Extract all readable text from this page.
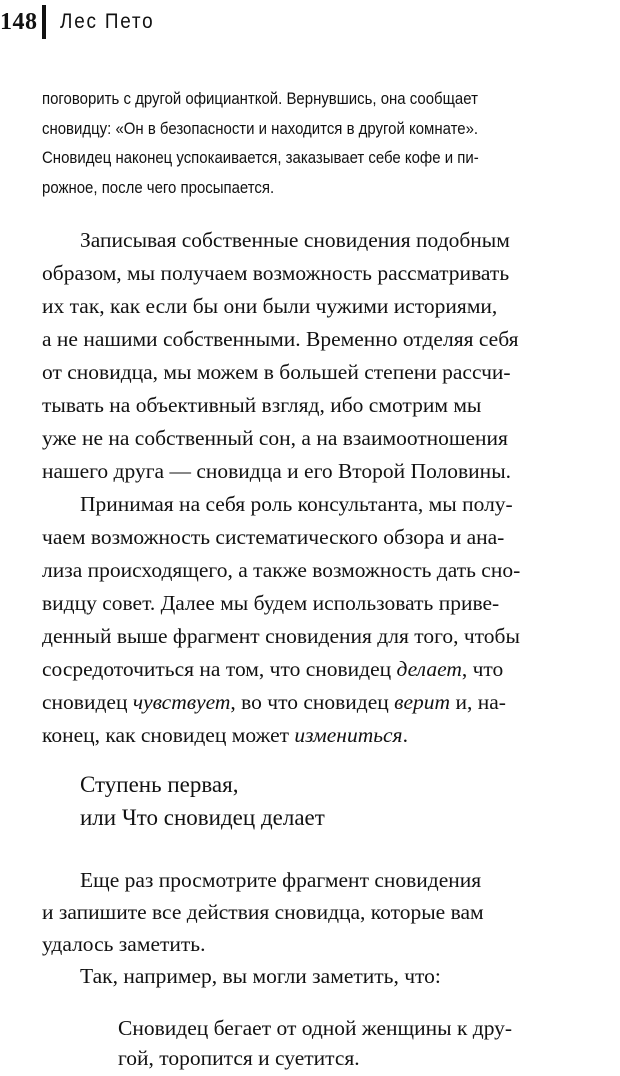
148 Лес Пето
поговорить с другой официанткой. Вернувшись, она сообщает
сновидцу: «Он в безопасности и находится в другой комнате».
Сновидец наконец успокаивается, заказывает себе кофе и пи-
рожное, после чего просыпается.
Записывая собственные сновидения подобным
образом, мы получаем возможность рассматривать
их так, как если бы они были чужими историями,
а не нашими собственными. Временно отделяя себя
от сновидца, мы можем в большей степени рассчи-
тывать на объективный взгляд, ибо смотрим мы
уже не на собственный сон, а на взаимоотношения
нашего друга — сновидца и его Второй Половины.
Принимая на себя роль консультанта, мы полу-
чаем возможность систематического обзора и ана-
лиза происходящего, а также возможность дать сно-
видцу совет. Далее мы будем использовать приве-
денный выше фрагмент сновидения для того, чтобы
сосредоточиться на том, что сновидец делает, что
сновидец чувствует, во что сновидец верит и, на-
конец, как сновидец может измениться.
Ступень первая,
или Что сновидец делает
Еще раз просмотрите фрагмент сновидения
и запишите все действия сновидца, которые вам
удалось заметить.
Так, например, вы могли заметить, что:
Сновидец бегает от одной женщины к дру-
гой, торопится и суетится.
